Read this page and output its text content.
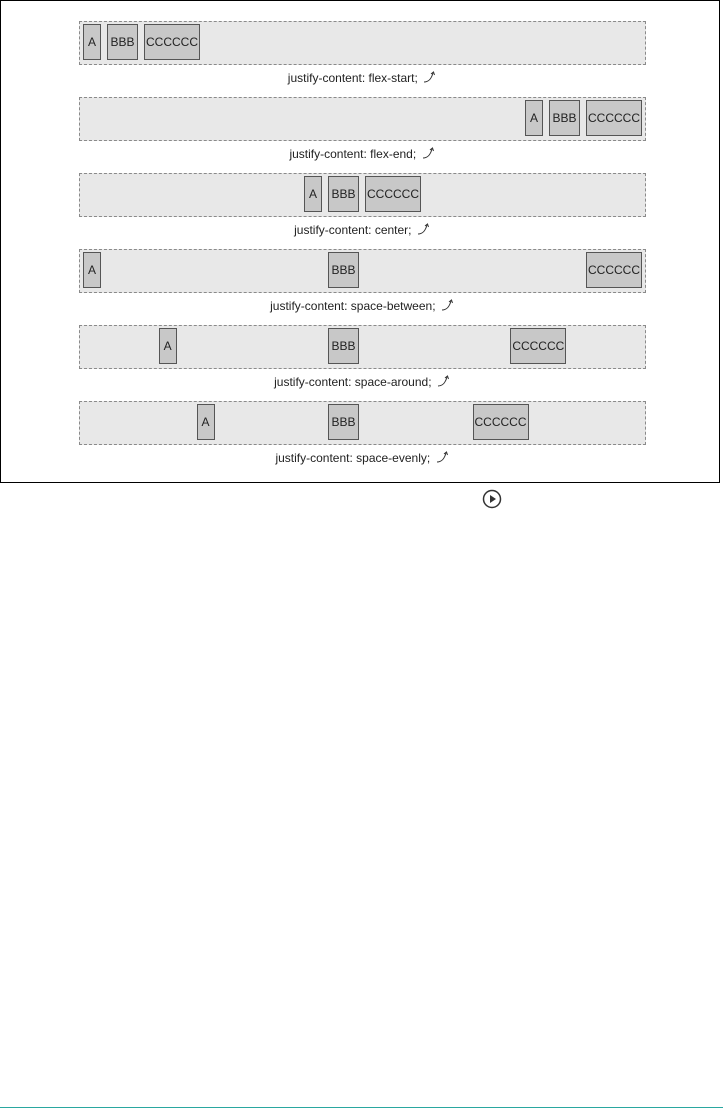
A	BBB CCCCCC
justify-content: flex-start;
A	BBB CCCCCC
justify-content: flex-end;
A	BBB CCCCCC
justify-content: center;
A	BBB	CCCCCC
justify-content: space-between;
A	BBB	CCCCCC
justify-content: space-around;
A	BBB	CCCCCC
justify-content: space-evenly;
